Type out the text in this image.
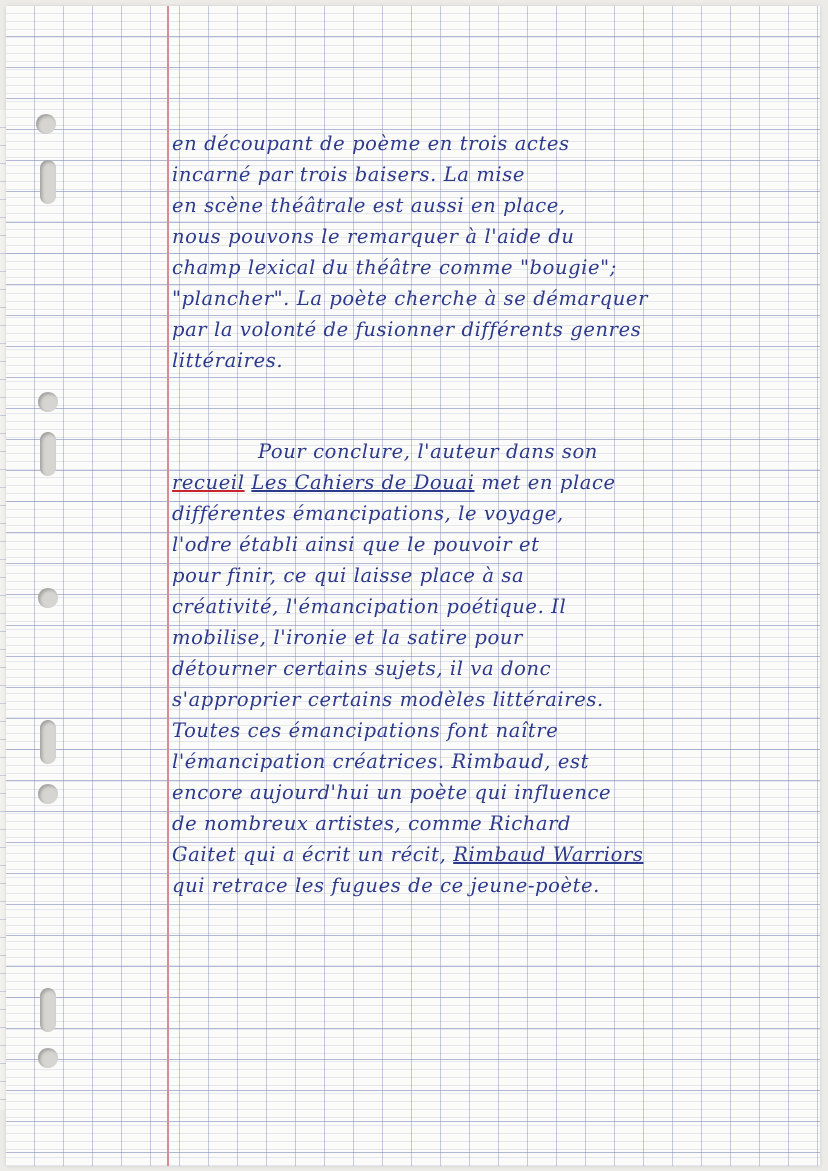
en découpant de poème en trois actes
incarné par trois baisers. La mise
en scène théâtrale est aussi en place,
nous pouvons le remarquer à l'aide du
champ lexical du théâtre comme "bougie";
"plancher". La poète cherche à se démarquer
par la volonté de fusionner différents genres
littéraires.
Pour conclure, l'auteur dans son
recueil Les Cahiers de Douai met en place
différentes émancipations, le voyage,
l'odre établi ainsi que le pouvoir et
pour finir, ce qui laisse place à sa
créativité, l'émancipation poétique. Il
mobilise, l'ironie et la satire pour
détourner certains sujets, il va donc
s'approprier certains modèles littéraires.
Toutes ces émancipations font naître
l'émancipation créatrices. Rimbaud, est
encore aujourd'hui un poète qui influence
de nombreux artistes, comme Richard
Gaitet qui a écrit un récit, Rimbaud Warriors
qui retrace les fugues de ce jeune-poète.
